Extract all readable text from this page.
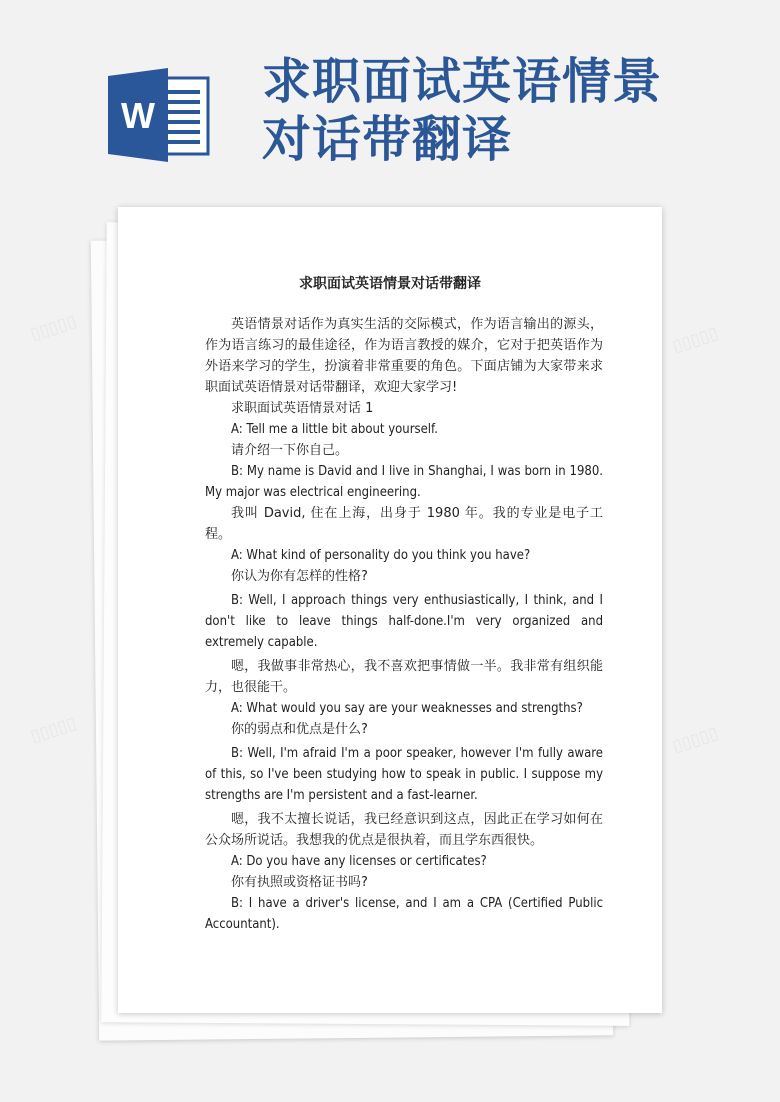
▯▯▯▯▯	▯▯▯▯▯
▯▯▯▯▯	▯▯▯▯▯
W
求职面试英语情景
对话带翻译
求职面试英语情景对话带翻译

英语情景对话作为真实生活的交际模式，作为语言输出的源头，作为语言练习的最佳途径，作为语言教授的媒介，它对于把英语作为外语来学习的学生，扮演着非常重要的角色。下面店铺为大家带来求职面试英语情景对话带翻译，欢迎大家学习!

求职面试英语情景对话 1

A: Tell me a little bit about yourself.

请介绍一下你自己。

B: My name is David and I live in Shanghai, I was born in 1980. My major was electrical engineering.

我叫 David, 住在上海，出身于 1980 年。我的专业是电子工程。

A: What kind of personality do you think you have?

你认为你有怎样的性格?

B: Well, I approach things very enthusiastically, I think, and I don't like to leave things half-done.I'm very organized and extremely capable.

嗯，我做事非常热心，我不喜欢把事情做一半。我非常有组织能力，也很能干。

A: What would you say are your weaknesses and strengths?

你的弱点和优点是什么?

B: Well, I'm afraid I'm a poor speaker, however I'm fully aware of this, so I've been studying how to speak in public. I suppose my strengths are I'm persistent and a fast-learner.

嗯，我不太擅长说话，我已经意识到这点，因此正在学习如何在公众场所说话。我想我的优点是很执着，而且学东西很快。

A: Do you have any licenses or certificates?

你有执照或资格证书吗?

B: I have a driver's license, and I am a CPA (Certified Public Accountant).
